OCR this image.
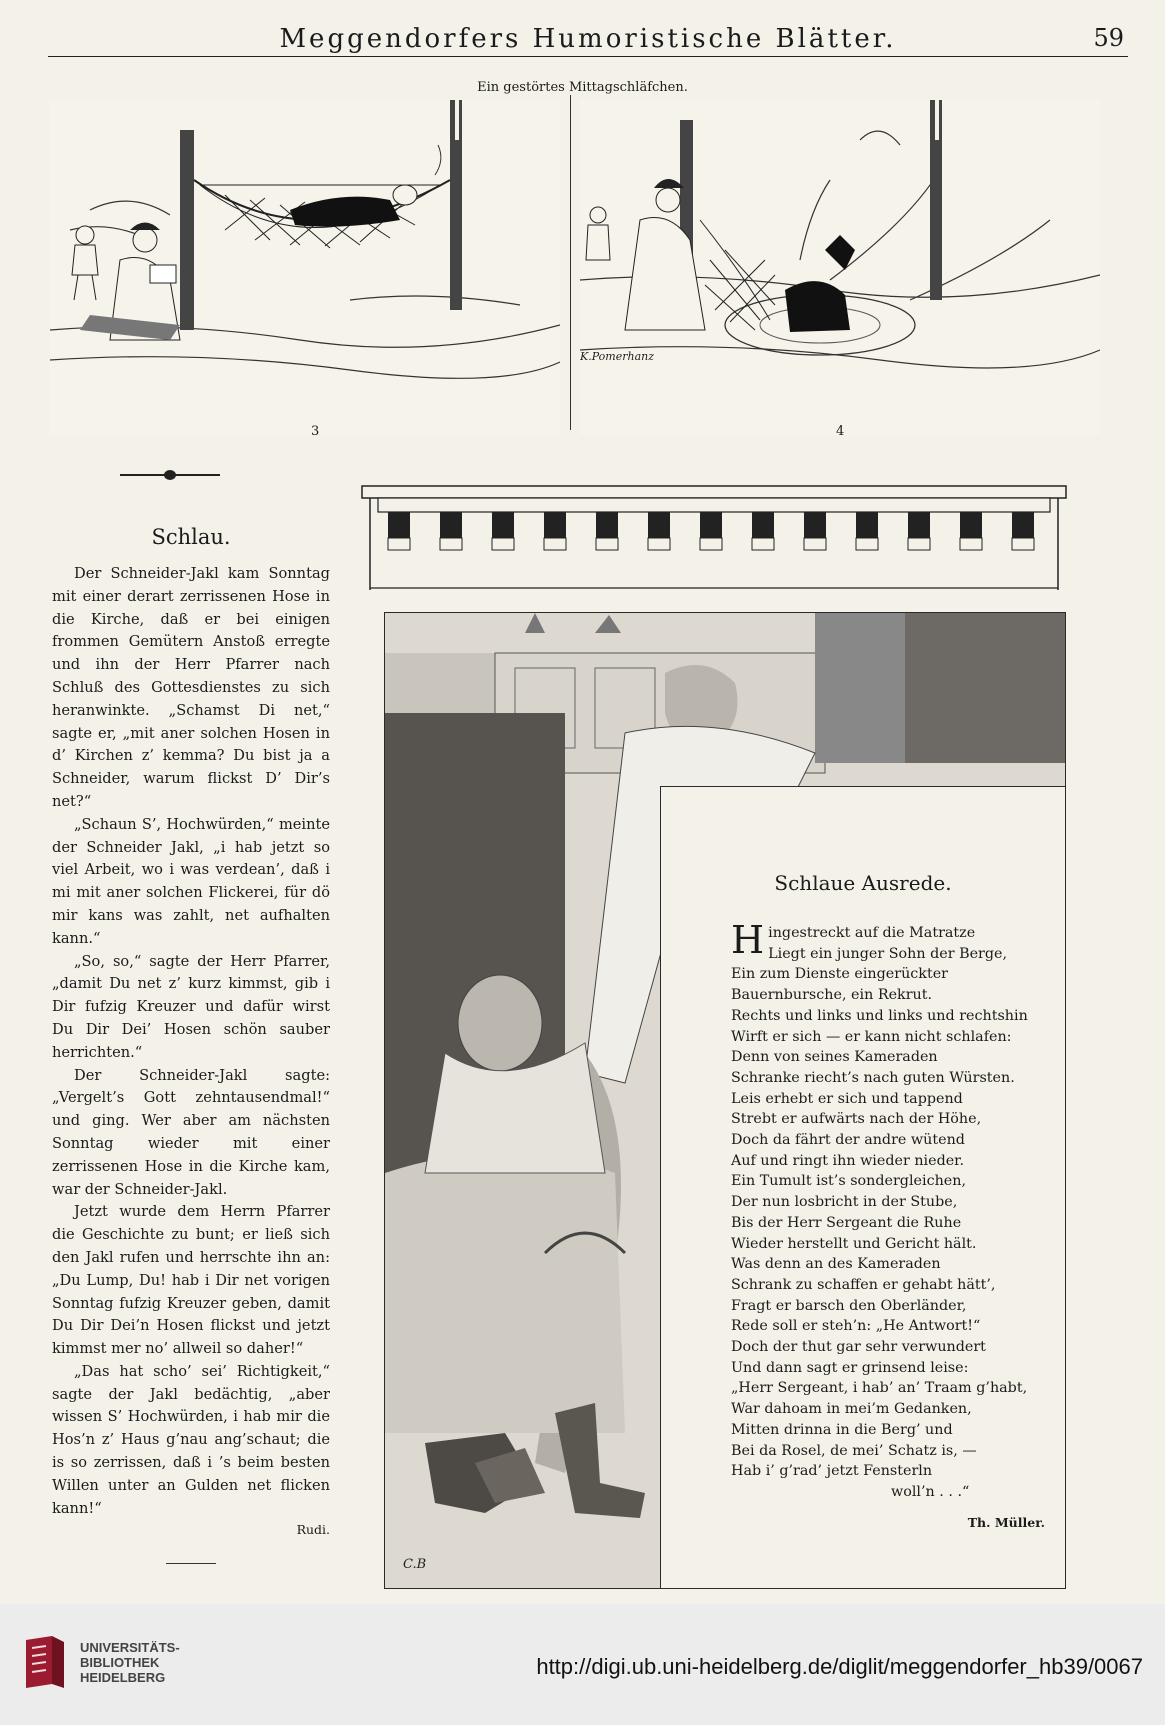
Meggendorfers Humoristische Blätter.	59
Ein gestörtes Mittagschläfchen.
K.Pomerhanz
3	4
Schlau.

Der Schneider-Jakl kam Sonntag mit einer derart zerrissenen Hose in die Kirche, daß er bei einigen frommen Gemütern Anstoß erregte und ihn der Herr Pfarrer nach Schluß des Gottesdienstes zu sich heranwinkte. „Schamst Di net,“ sagte er, „mit aner solchen Hosen in d’ Kirchen z’ kemma? Du bist ja a Schneider, warum flickst D’ Dir’s net?“

„Schaun S’, Hochwürden,“ meinte der Schneider Jakl, „i hab jetzt so viel Arbeit, wo i was verdean’, daß i mi mit aner solchen Flickerei, für dö mir kans was zahlt, net aufhalten kann.“

„So, so,“ sagte der Herr Pfarrer, „damit Du net z’ kurz kimmst, gib i Dir fufzig Kreuzer und dafür wirst Du Dir Dei’ Hosen schön sauber herrichten.“

Der Schneider-Jakl sagte: „Vergelt’s Gott zehntausendmal!“ und ging. Wer aber am nächsten Sonntag wieder mit einer zerrissenen Hose in die Kirche kam, war der Schneider-Jakl.

Jetzt wurde dem Herrn Pfarrer die Geschichte zu bunt; er ließ sich den Jakl rufen und herrschte ihn an: „Du Lump, Du! hab i Dir net vorigen Sonntag fufzig Kreuzer geben, damit Du Dir Dei’n Hosen flickst und jetzt kimmst mer no’ allweil so daher!“

„Das hat scho’ sei’ Richtigkeit,“ sagte der Jakl bedächtig, „aber wissen S’ Hochwürden, i hab mir die Hos’n z’ Haus g’nau ang’schaut; die is so zerrissen, daß i ’s beim besten Willen unter an Gulden net flicken kann!“

Rudi.
C.B
Schlaue Ausrede.
Hingestreckt auf die Matratze
Liegt ein junger Sohn der Berge,
Ein zum Dienste eingerückter
Bauernbursche, ein Rekrut.
Rechts und links und links und rechtshin
Wirft er sich — er kann nicht schlafen:
Denn von seines Kameraden
Schranke riecht’s nach guten Würsten.
Leis erhebt er sich und tappend
Strebt er aufwärts nach der Höhe,
Doch da fährt der andre wütend
Auf und ringt ihn wieder nieder.
Ein Tumult ist’s sondergleichen,
Der nun losbricht in der Stube,
Bis der Herr Sergeant die Ruhe
Wieder herstellt und Gericht hält.
Was denn an des Kameraden
Schrank zu schaffen er gehabt hätt’,
Fragt er barsch den Oberländer,
Rede soll er steh’n: „He Antwort!“
Doch der thut gar sehr verwundert
Und dann sagt er grinsend leise:
„Herr Sergeant, i hab’ an’ Traam g’habt,
War dahoam in mei’m Gedanken,
Mitten drinna in die Berg’ und
Bei da Rosel, de mei’ Schatz is, —
Hab i’ g’rad’ jetzt Fensterln
woll’n . . .“
Th. Müller.
UNIVERSITÄTS-
BIBLIOTHEK
HEIDELBERG	http://digi.ub.uni-heidelberg.de/diglit/meggendorfer_hb39/0067
